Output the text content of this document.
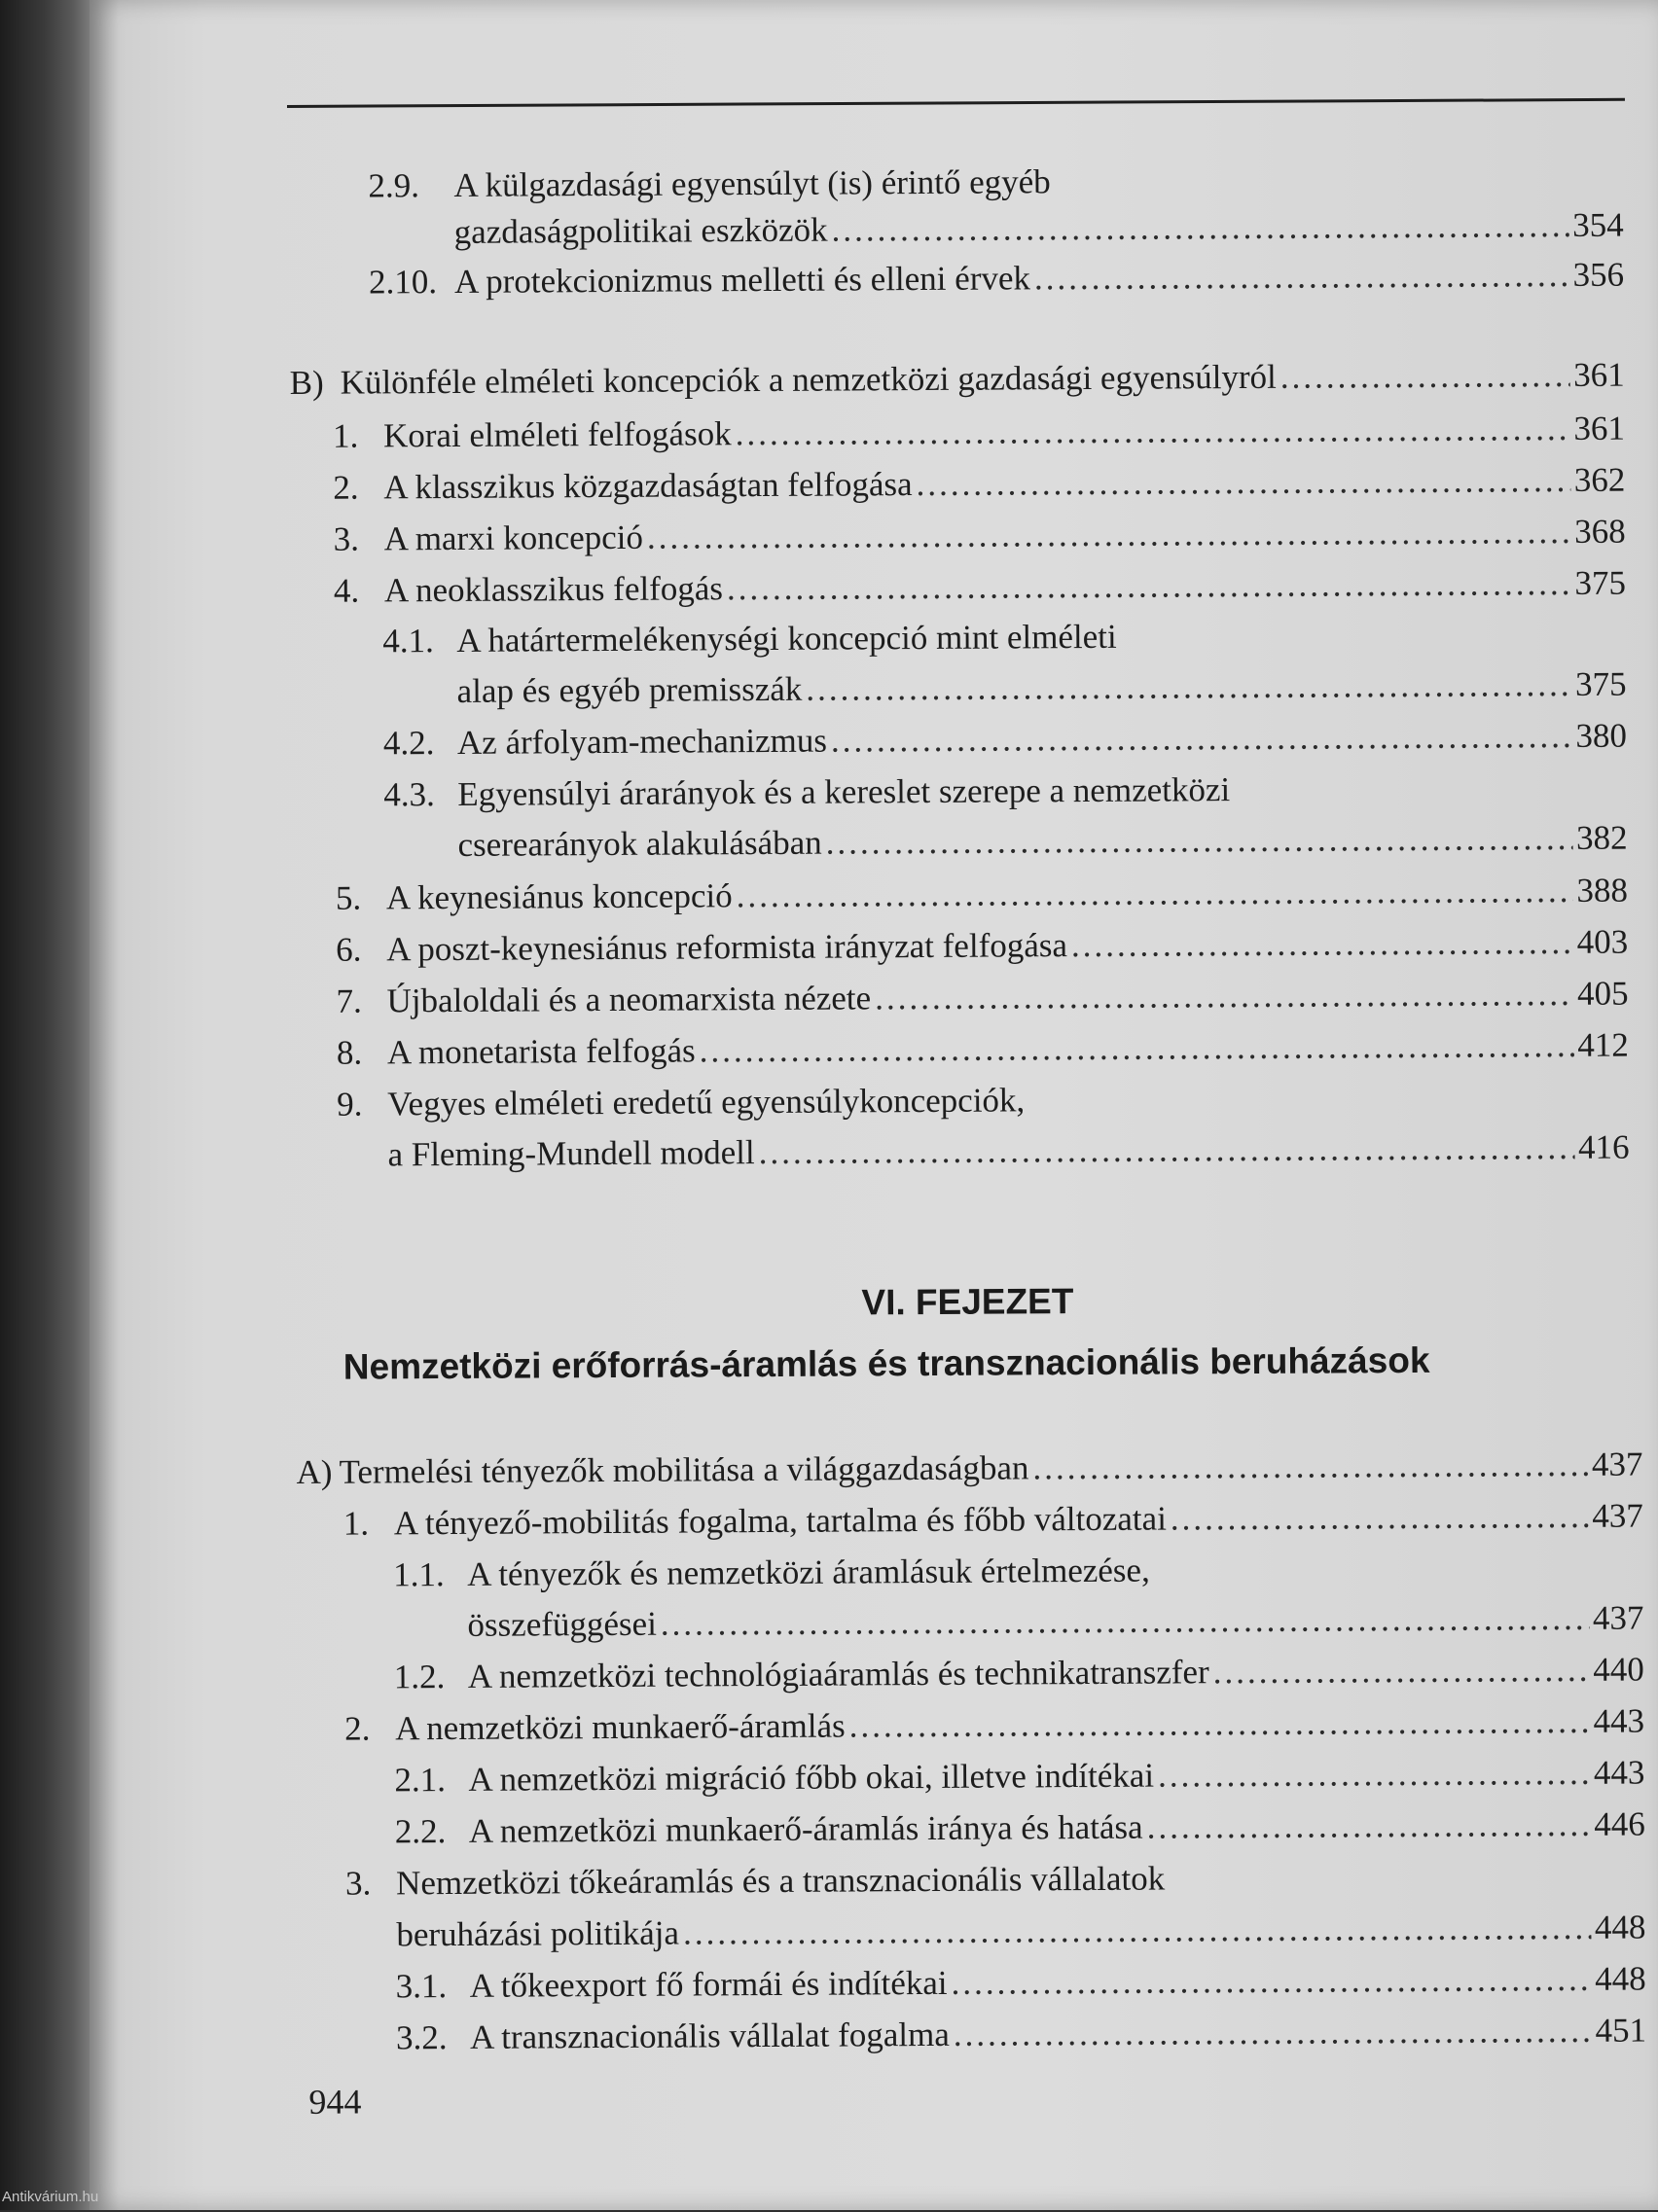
2.9.	A külgazdasági egyensúlyt (is) érintő egyéb
gazdaságpolitikai eszközök .....	354
2.10. A protekcionizmus melletti és elleni érvek .....	356
B) Különféle elméleti koncepciók a nemzetközi gazdasági egyensúlyról .....	361
1. Korai elméleti felfogások .....	361
2. A klasszikus közgazdaságtan felfogása .....	362
3. A marxi koncepció .....	368
4. A neoklasszikus felfogás .....	375
4.1. A határtermelékenységi koncepció mint elméleti
alap és egyéb premisszák .....	375
4.2. Az árfolyam-mechanizmus .....	380
4.3. Egyensúlyi árarányok és a kereslet szerepe a nemzetközi
cserearányok alakulásában .....	382
5. A keynesiánus koncepció .....	388
6. A poszt-keynesiánus reformista irányzat felfogása .....	403
7. Újbaloldali és a neomarxista nézete .....	405
8. A monetarista felfogás .....	412
9. Vegyes elméleti eredetű egyensúlykoncepciók,
a Fleming-Mundell modell .....	416
VI. FEJEZET
Nemzetközi erőforrás-áramlás és transznacionális beruházások
A) Termelési tényezők mobilitása a világgazdaságban .....	437
1. A tényező-mobilitás fogalma, tartalma és főbb változatai .....	437
1.1. A tényezők és nemzetközi áramlásuk értelmezése,
összefüggései .....	437
1.2. A nemzetközi technológiaáramlás és technikatranszfer .....	440
2. A nemzetközi munkaerő-áramlás .....	443
2.1. A nemzetközi migráció főbb okai, illetve indítékai .....	443
2.2. A nemzetközi munkaerő-áramlás iránya és hatása .....	446
3. Nemzetközi tőkeáramlás és a transznacionális vállalatok
beruházási politikája .....	448
3.1. A tőkeexport fő formái és indítékai .....	448
3.2. A transznacionális vállalat fogalma .....	451
944
Antikvárium.hu
